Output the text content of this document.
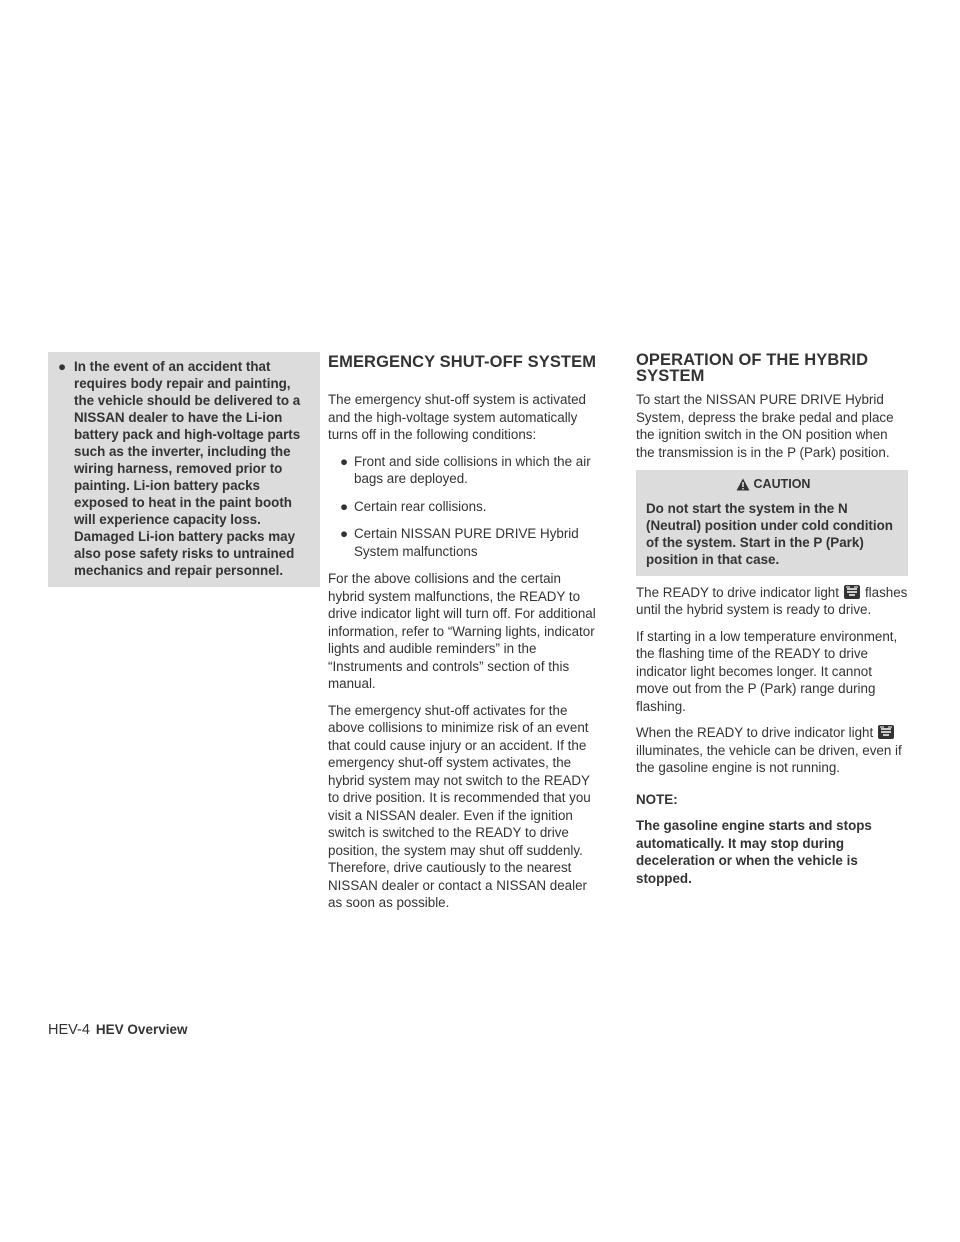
● In the event of an accident that requires body repair and painting, the vehicle should be delivered to a NISSAN dealer to have the Li-ion battery pack and high-voltage parts such as the inverter, including the wiring harness, removed prior to painting. Li-ion battery packs exposed to heat in the paint booth will experience capacity loss. Damaged Li-ion battery packs may also pose safety risks to untrained mechanics and repair personnel.
EMERGENCY SHUT-OFF SYSTEM OPERATION OF THE HYBRID
SYSTEM

The emergency shut-off system is activated and the high-voltage system automatically turns off in the following conditions:

● Front and side collisions in which the air bags are deployed.
● Certain rear collisions.
● Certain NISSAN PURE DRIVE Hybrid System malfunctions

For the above collisions and the certain hybrid system malfunctions, the READY to drive indicator light will turn off. For additional information, refer to “Warning lights, indicator lights and audible reminders” in the “Instruments and controls” section of this manual.

The emergency shut-off activates for the above collisions to minimize risk of an event that could cause injury or an accident. If the emergency shut-off system activates, the hybrid system may not switch to the READY to drive position. It is recommended that you visit a NISSAN dealer. Even if the ignition switch is switched to the READY to drive position, the system may shut off suddenly. Therefore, drive cautiously to the nearest NISSAN dealer or contact a NISSAN dealer as soon as possible.

To start the NISSAN PURE DRIVE Hybrid System, depress the brake pedal and place the ignition switch in the ON position when the transmission is in the P (Park) position.

CAUTION
Do not start the system in the N (Neutral) position under cold condition of the system. Start in the P (Park) position in that case.

The READY to drive indicator light flashes until the hybrid system is ready to drive.

If starting in a low temperature environment, the flashing time of the READY to drive indicator light becomes longer. It cannot move out from the P (Park) range during flashing.

When the READY to drive indicator lightilluminates, the vehicle can be driven, even if the gasoline engine is not running.

NOTE:
The gasoline engine starts and stops automatically. It may stop during deceleration or when the vehicle is stopped.
HEV-4 HEV Overview
